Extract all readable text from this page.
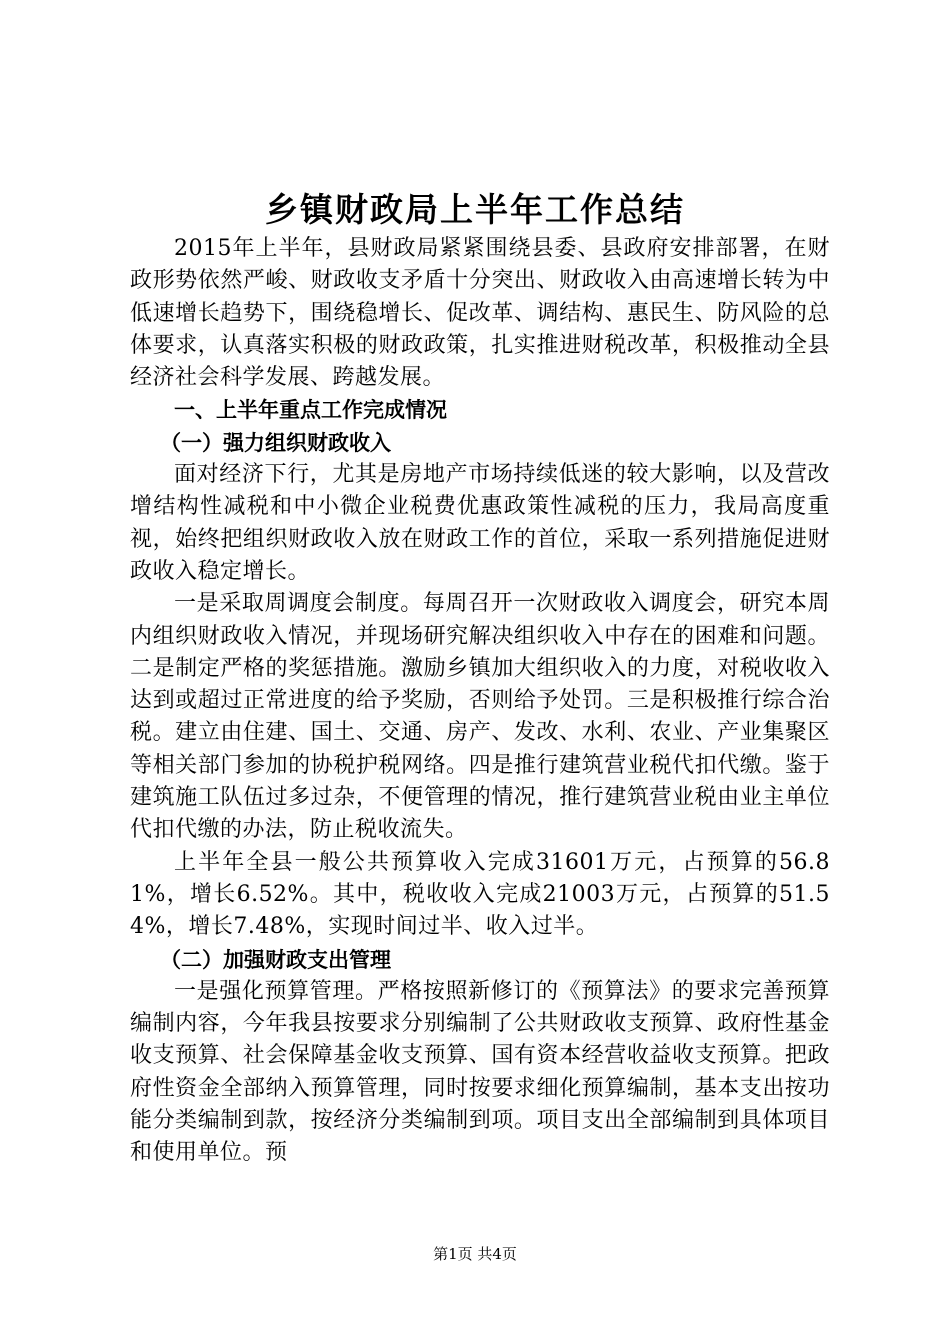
乡镇财政局上半年工作总结

2015年上半年，县财政局紧紧围绕县委、县政府安排部署，在财政形势依然严峻、财政收支矛盾十分突出、财政收入由高速增长转为中低速增长趋势下，围绕稳增长、促改革、调结构、惠民生、防风险的总体要求，认真落实积极的财政政策，扎实推进财税改革，积极推动全县经济社会科学发展、跨越发展。

一、上半年重点工作完成情况

（一）强力组织财政收入

面对经济下行，尤其是房地产市场持续低迷的较大影响，以及营改增结构性减税和中小微企业税费优惠政策性减税的压力，我局高度重视，始终把组织财政收入放在财政工作的首位，采取一系列措施促进财政收入稳定增长。

一是采取周调度会制度。每周召开一次财政收入调度会，研究本周内组织财政收入情况，并现场研究解决组织收入中存在的困难和问题。二是制定严格的奖惩措施。激励乡镇加大组织收入的力度，对税收收入达到或超过正常进度的给予奖励，否则给予处罚。三是积极推行综合治税。建立由住建、国土、交通、房产、发改、水利、农业、产业集聚区等相关部门参加的协税护税网络。四是推行建筑营业税代扣代缴。鉴于建筑施工队伍过多过杂，不便管理的情况，推行建筑营业税由业主单位代扣代缴的办法，防止税收流失。

上半年全县一般公共预算收入完成31601万元，占预算的56.81%，增长6.52%。其中，税收收入完成21003万元，占预算的51.54%，增长7.48%，实现时间过半、收入过半。

（二）加强财政支出管理

一是强化预算管理。严格按照新修订的《预算法》的要求完善预算编制内容，今年我县按要求分别编制了公共财政收支预算、政府性基金收支预算、社会保障基金收支预算、国有资本经营收益收支预算。把政府性资金全部纳入预算管理，同时按要求细化预算编制，基本支出按功能分类编制到款，按经济分类编制到项。项目支出全部编制到具体项目和使用单位。预

第1页 共4页
